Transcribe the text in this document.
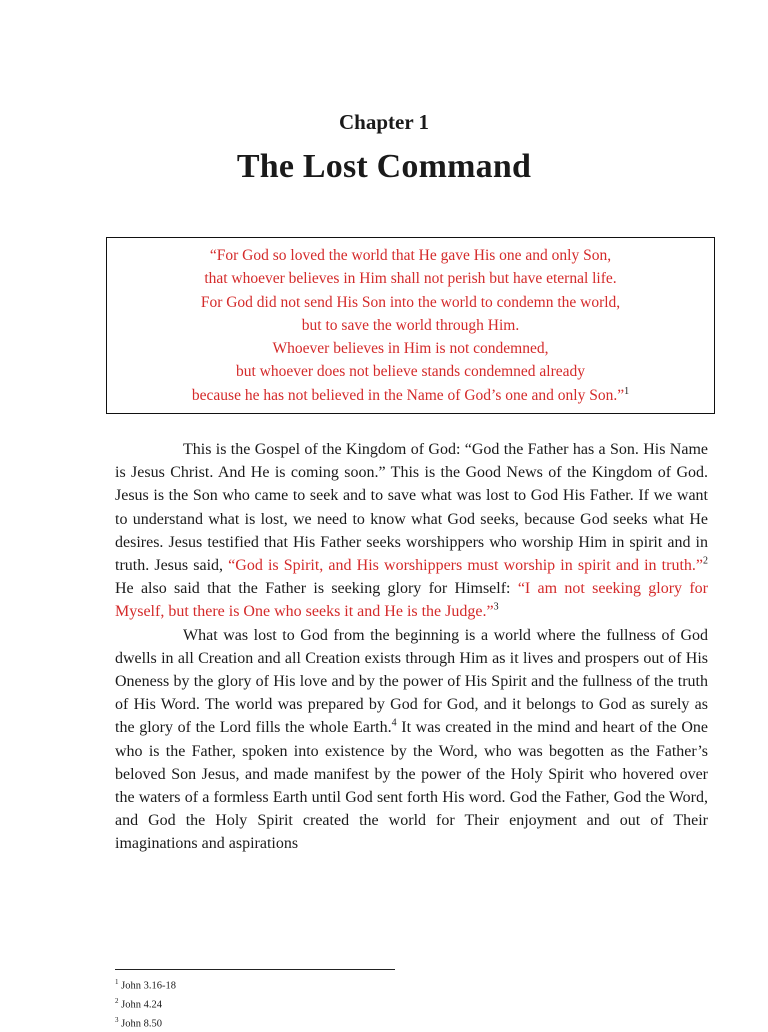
Chapter 1
The Lost Command
“For God so loved the world that He gave His one and only Son,
that whoever believes in Him shall not perish but have eternal life.
For God did not send His Son into the world to condemn the world,
but to save the world through Him.
Whoever believes in Him is not condemned,
but whoever does not believe stands condemned already
because he has not believed in the Name of God’s one and only Son.”$^1$

This is the Gospel of the Kingdom of God: “God the Father has a Son. His Name is Jesus Christ. And He is coming soon.” This is the Good News of the Kingdom of God. Jesus is the Son who came to seek and to save what was lost to God His Father. If we want to understand what is lost, we need to know what God seeks, because God seeks what He desires. Jesus testified that His Father seeks worshippers who worship Him in spirit and in truth. Jesus said, “God is Spirit, and His worshippers must worship in spirit and in truth.”$^2$ He also said that the Father is seeking glory for Himself: “I am not seeking glory for Myself, but there is One who seeks it and He is the Judge.”$^3$

What was lost to God from the beginning is a world where the fullness of God dwells in all Creation and all Creation exists through Him as it lives and prospers out of His Oneness by the glory of His love and by the power of His Spirit and the fullness of the truth of His Word. The world was prepared by God for God, and it belongs to God as surely as the glory of the Lord fills the whole Earth.$^4$ It was created in the mind and heart of the One who is the Father, spoken into existence by the Word, who was begotten as the Father’s beloved Son Jesus, and made manifest by the power of the Holy Spirit who hovered over the waters of a formless Earth until God sent forth His word. God the Father, God the Word, and God the Holy Spirit created the world for Their enjoyment and out of Their imaginations and aspirations

$^1$ John 3.16-18
$^2$ John 4.24
$^3$ John 8.50
